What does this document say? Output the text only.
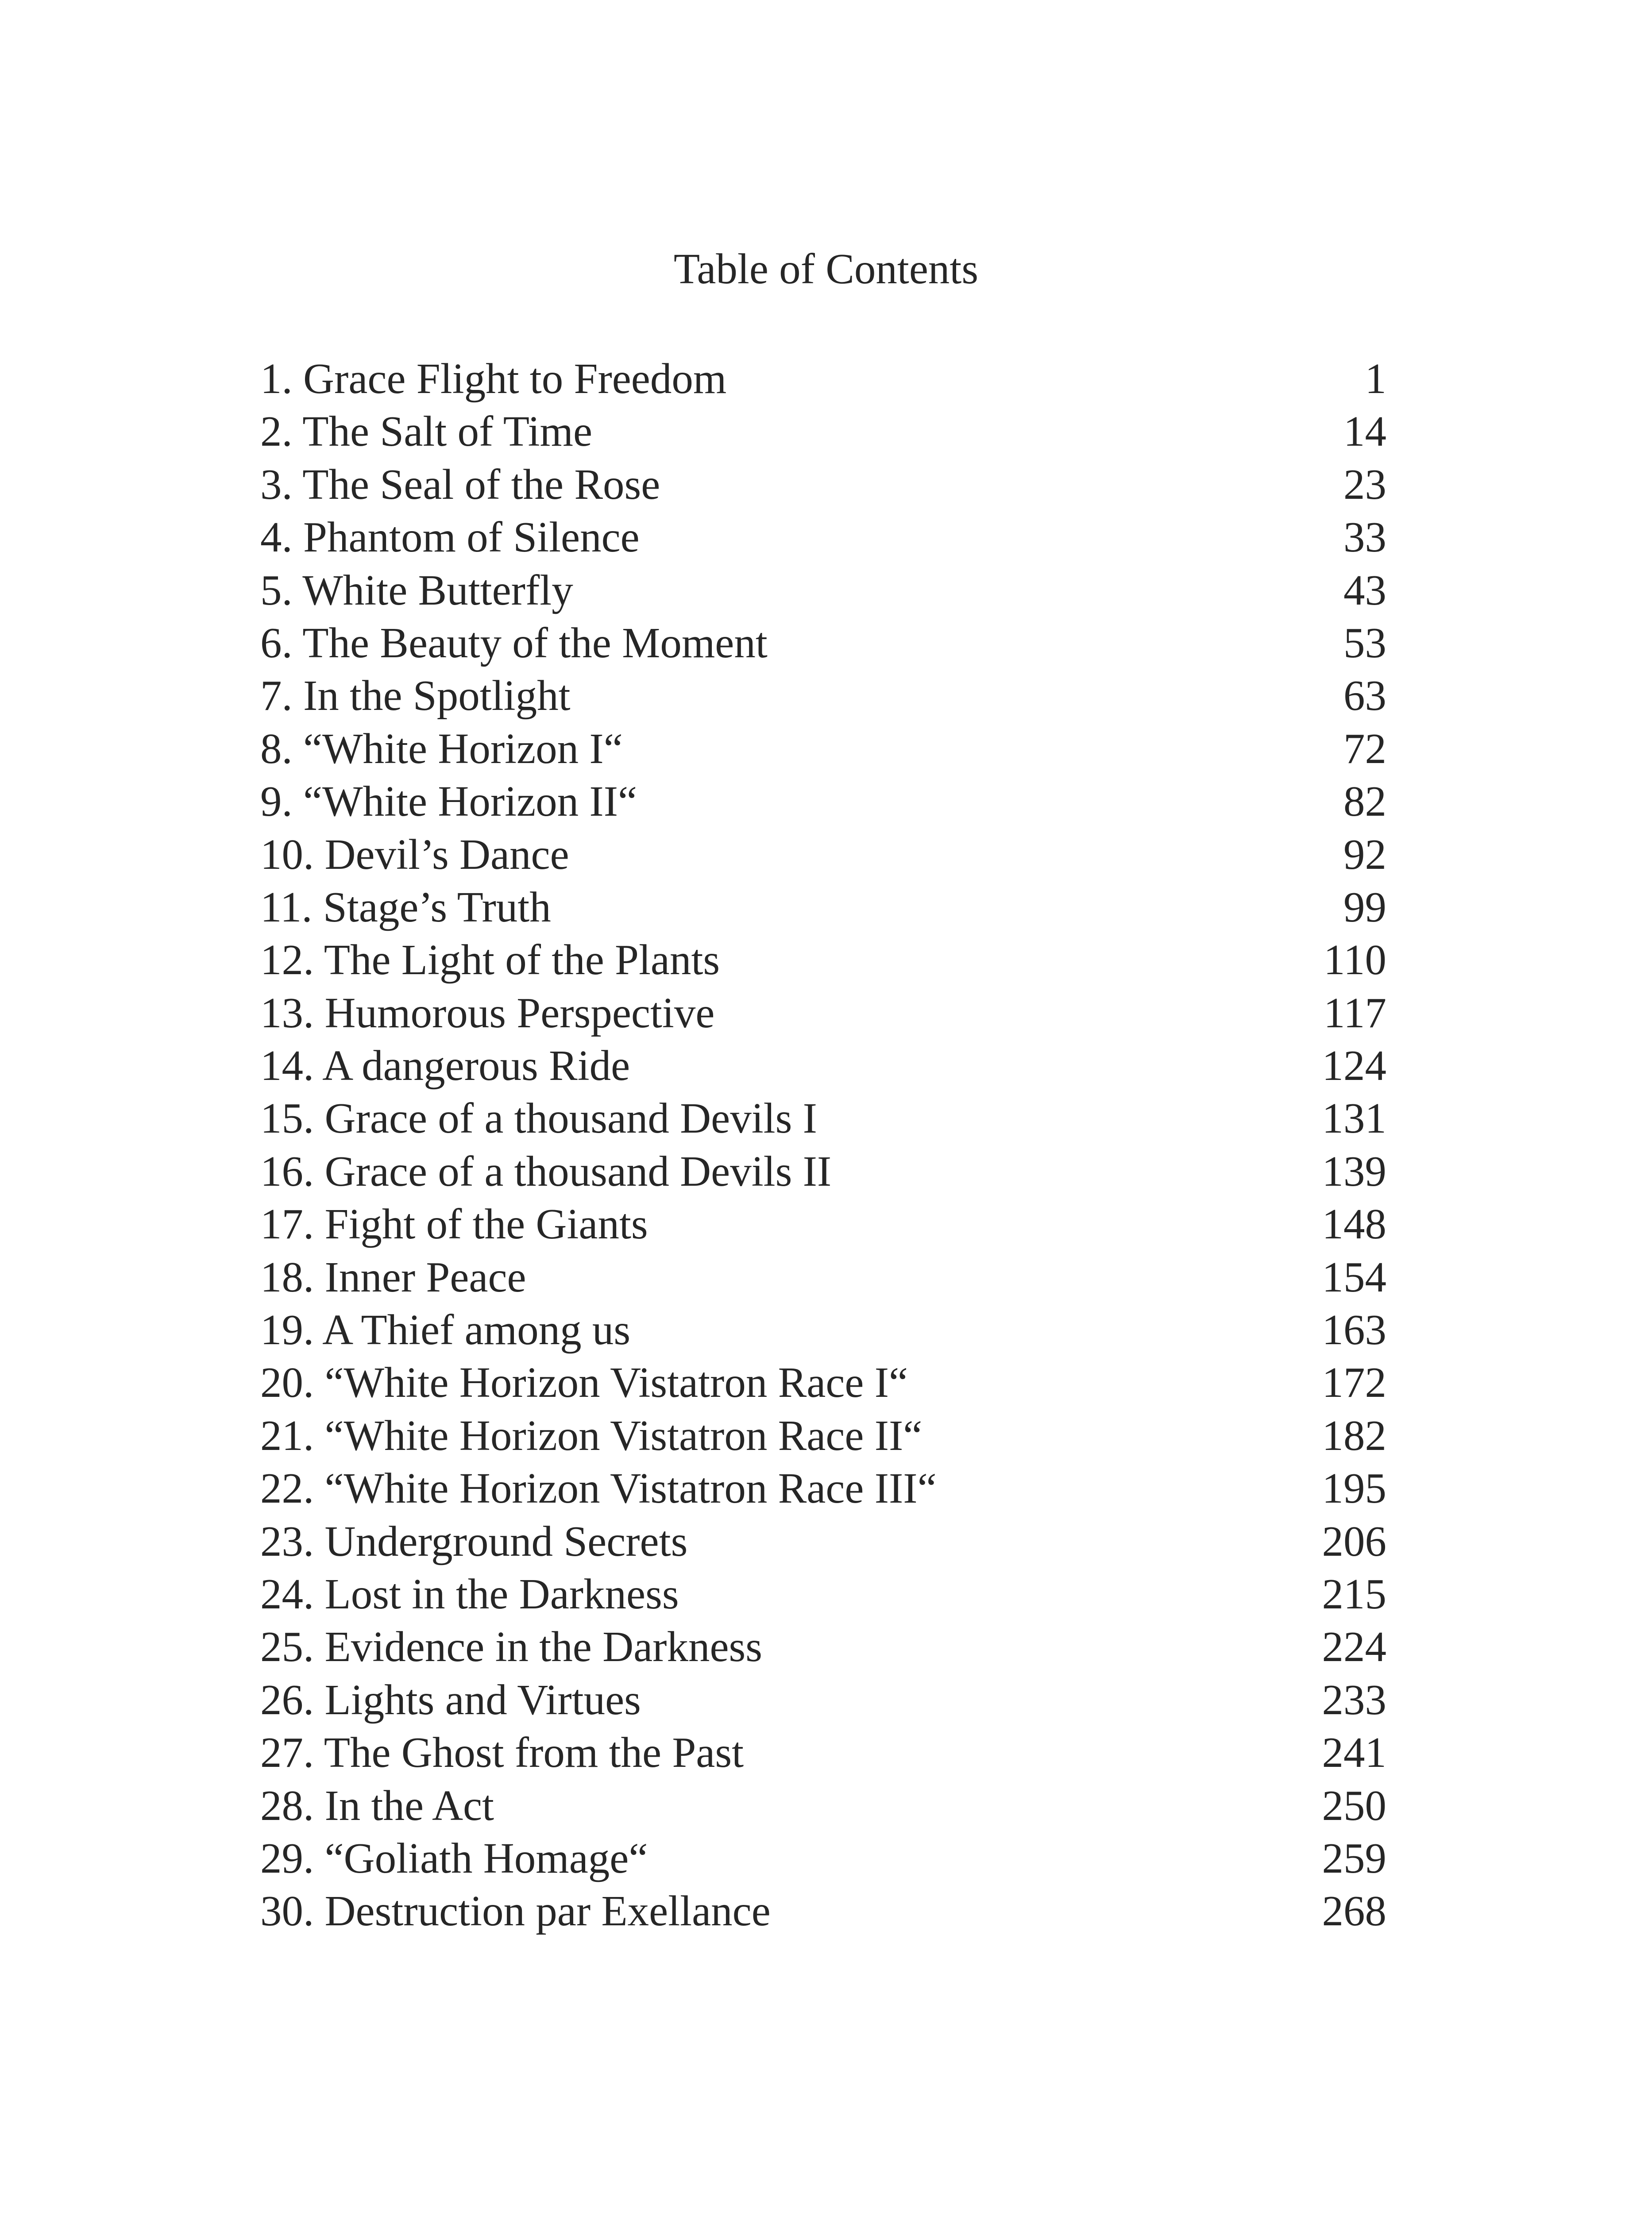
Table of Contents
1. Grace Flight to Freedom	1
2. The Salt of Time	14
3. The Seal of the Rose	23
4. Phantom of Silence	33
5. White Butterfly	43
6. The Beauty of the Moment	53
7. In the Spotlight	63
8. “White Horizon I“	72
9. “White Horizon II“	82
10. Devil’s Dance	92
11. Stage’s Truth	99
12. The Light of the Plants	110
13. Humorous Perspective	117
14. A dangerous Ride	124
15. Grace of a thousand Devils I	131
16. Grace of a thousand Devils II	139
17. Fight of the Giants	148
18. Inner Peace	154
19. A Thief among us	163
20. “White Horizon Vistatron Race I“	172
21. “White Horizon Vistatron Race II“	182
22. “White Horizon Vistatron Race III“	195
23. Underground Secrets	206
24. Lost in the Darkness	215
25. Evidence in the Darkness	224
26. Lights and Virtues	233
27. The Ghost from the Past	241
28. In the Act	250
29. “Goliath Homage“	259
30. Destruction par Exellance	268
